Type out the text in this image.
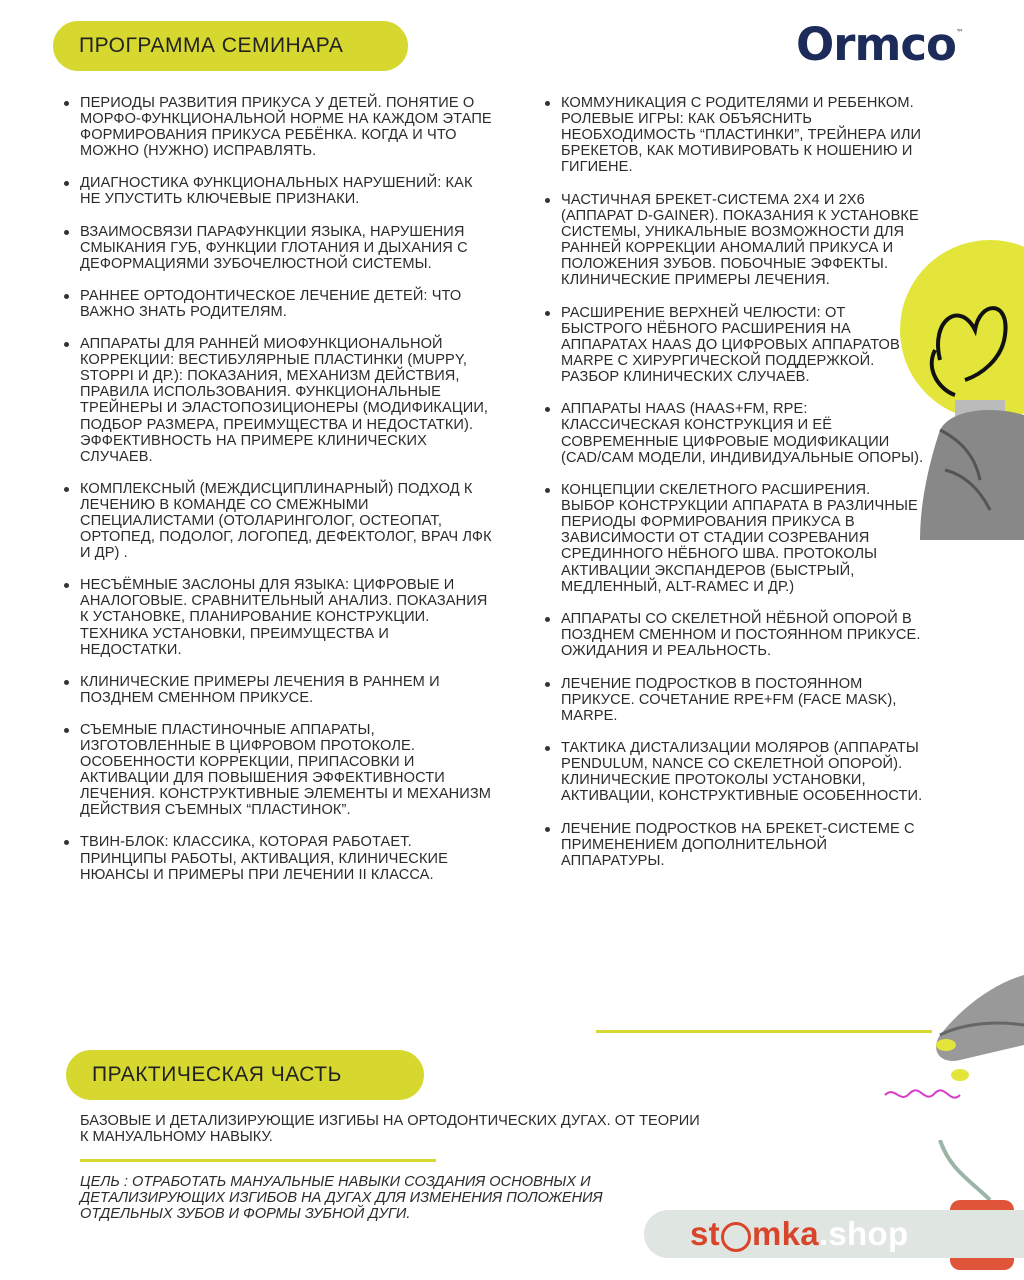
ПРОГРАММА СЕМИНАРА	Ormco™
ПЕРИОДЫ РАЗВИТИЯ ПРИКУСА У ДЕТЕЙ. ПОНЯТИЕ О МОРФО-ФУНКЦИОНАЛЬНОЙ НОРМЕ НА КАЖДОМ ЭТАПЕ ФОРМИРОВАНИЯ ПРИКУСА РЕБЁНКА. КОГДА И ЧТО МОЖНО (НУЖНО) ИСПРАВЛЯТЬ.
ДИАГНОСТИКА ФУНКЦИОНАЛЬНЫХ НАРУШЕНИЙ: КАК НЕ УПУСТИТЬ КЛЮЧЕВЫЕ ПРИЗНАКИ.
ВЗАИМОСВЯЗИ ПАРАФУНКЦИИ ЯЗЫКА, НАРУШЕНИЯ СМЫКАНИЯ ГУБ, ФУНКЦИИ ГЛОТАНИЯ И ДЫХАНИЯ С ДЕФОРМАЦИЯМИ ЗУБОЧЕЛЮСТНОЙ СИСТЕМЫ.
РАННЕЕ ОРТОДОНТИЧЕСКОЕ ЛЕЧЕНИЕ ДЕТЕЙ: ЧТО ВАЖНО ЗНАТЬ РОДИТЕЛЯМ.
АППАРАТЫ ДЛЯ РАННЕЙ МИОФУНКЦИОНАЛЬНОЙ КОРРЕКЦИИ: ВЕСТИБУЛЯРНЫЕ ПЛАСТИНКИ (MUPPY, STOPPI И ДР.): ПОКАЗАНИЯ, МЕХАНИЗМ ДЕЙСТВИЯ, ПРАВИЛА ИСПОЛЬЗОВАНИЯ. ФУНКЦИОНАЛЬНЫЕ ТРЕЙНЕРЫ И ЭЛАСТОПОЗИЦИОНЕРЫ (МОДИФИКАЦИИ, ПОДБОР РАЗМЕРА, ПРЕИМУЩЕСТВА И НЕДОСТАТКИ). ЭФФЕКТИВНОСТЬ НА ПРИМЕРЕ КЛИНИЧЕСКИХ СЛУЧАЕВ.
КОМПЛЕКСНЫЙ (МЕЖДИСЦИПЛИНАРНЫЙ) ПОДХОД К ЛЕЧЕНИЮ В КОМАНДЕ СО СМЕЖНЫМИ СПЕЦИАЛИСТАМИ (ОТОЛАРИНГОЛОГ, ОСТЕОПАТ, ОРТОПЕД, ПОДОЛОГ, ЛОГОПЕД, ДЕФЕКТОЛОГ, ВРАЧ ЛФК И ДР) .
НЕСЪЁМНЫЕ ЗАСЛОНЫ ДЛЯ ЯЗЫКА: ЦИФРОВЫЕ И АНАЛОГОВЫЕ. СРАВНИТЕЛЬНЫЙ АНАЛИЗ. ПОКАЗАНИЯ К УСТАНОВКЕ, ПЛАНИРОВАНИЕ КОНСТРУКЦИИ. ТЕХНИКА УСТАНОВКИ, ПРЕИМУЩЕСТВА И НЕДОСТАТКИ.
КЛИНИЧЕСКИЕ ПРИМЕРЫ ЛЕЧЕНИЯ В РАННЕМ И ПОЗДНЕМ СМЕННОМ ПРИКУСЕ.
СЪЕМНЫЕ ПЛАСТИНОЧНЫЕ АППАРАТЫ, ИЗГОТОВЛЕННЫЕ В ЦИФРОВОМ ПРОТОКОЛЕ. ОСОБЕННОСТИ КОРРЕКЦИИ, ПРИПАСОВКИ И АКТИВАЦИИ ДЛЯ ПОВЫШЕНИЯ ЭФФЕКТИВНОСТИ ЛЕЧЕНИЯ. КОНСТРУКТИВНЫЕ ЭЛЕМЕНТЫ И МЕХАНИЗМ ДЕЙСТВИЯ СЪЕМНЫХ “ПЛАСТИНОК”.
ТВИН-БЛОК: КЛАССИКА, КОТОРАЯ РАБОТАЕТ. ПРИНЦИПЫ РАБОТЫ, АКТИВАЦИЯ, КЛИНИЧЕСКИЕ НЮАНСЫ И ПРИМЕРЫ ПРИ ЛЕЧЕНИИ II КЛАССА.
КОММУНИКАЦИЯ С РОДИТЕЛЯМИ И РЕБЕНКОМ. РОЛЕВЫЕ ИГРЫ: КАК ОБЪЯСНИТЬ НЕОБХОДИМОСТЬ “ПЛАСТИНКИ”, ТРЕЙНЕРА ИЛИ БРЕКЕТОВ, КАК МОТИВИРОВАТЬ К НОШЕНИЮ И ГИГИЕНЕ.
ЧАСТИЧНАЯ БРЕКЕТ-СИСТЕМА 2Х4 И 2Х6 (АППАРАТ D-GAINER). ПОКАЗАНИЯ К УСТАНОВКЕ СИСТЕМЫ, УНИКАЛЬНЫЕ ВОЗМОЖНОСТИ ДЛЯ РАННЕЙ КОРРЕКЦИИ АНОМАЛИЙ ПРИКУСА И ПОЛОЖЕНИЯ ЗУБОВ. ПОБОЧНЫЕ ЭФФЕКТЫ. КЛИНИЧЕСКИЕ ПРИМЕРЫ ЛЕЧЕНИЯ.
РАСШИРЕНИЕ ВЕРХНЕЙ ЧЕЛЮСТИ: ОТ БЫСТРОГО НЁБНОГО РАСШИРЕНИЯ НА АППАРАТАХ HAAS ДО ЦИФРОВЫХ АППАРАТОВ MARPE С ХИРУРГИЧЕСКОЙ ПОДДЕРЖКОЙ. РАЗБОР КЛИНИЧЕСКИХ СЛУЧАЕВ.
АППАРАТЫ HAAS (HAAS+FM, RPE: КЛАССИЧЕСКАЯ КОНСТРУКЦИЯ И ЕЁ СОВРЕМЕННЫЕ ЦИФРОВЫЕ МОДИФИКАЦИИ (CAD/CAM МОДЕЛИ, ИНДИВИДУАЛЬНЫЕ ОПОРЫ).
КОНЦЕПЦИИ СКЕЛЕТНОГО РАСШИРЕНИЯ. ВЫБОР КОНСТРУКЦИИ АППАРАТА В РАЗЛИЧНЫЕ ПЕРИОДЫ ФОРМИРОВАНИЯ ПРИКУСА В ЗАВИСИМОСТИ ОТ СТАДИИ СОЗРЕВАНИЯ СРЕДИННОГО НЁБНОГО ШВА. ПРОТОКОЛЫ АКТИВАЦИИ ЭКСПАНДЕРОВ (БЫСТРЫЙ, МЕДЛЕННЫЙ, ALT-RAMEC И ДР.)
АППАРАТЫ СО СКЕЛЕТНОЙ НЁБНОЙ ОПОРОЙ В ПОЗДНЕМ СМЕННОМ И ПОСТОЯННОМ ПРИКУСЕ. ОЖИДАНИЯ И РЕАЛЬНОСТЬ.
ЛЕЧЕНИЕ ПОДРОСТКОВ В ПОСТОЯННОМ ПРИКУСЕ. СОЧЕТАНИЕ RPE+FM (FACE MASK), MARPE.
ТАКТИКА ДИСТАЛИЗАЦИИ МОЛЯРОВ (АППАРАТЫ PENDULUM, NANCE СО СКЕЛЕТНОЙ ОПОРОЙ). КЛИНИЧЕСКИЕ ПРОТОКОЛЫ УСТАНОВКИ, АКТИВАЦИИ, КОНСТРУКТИВНЫЕ ОСОБЕННОСТИ.
ЛЕЧЕНИЕ ПОДРОСТКОВ НА БРЕКЕТ-СИСТЕМЕ С ПРИМЕНЕНИЕМ ДОПОЛНИТЕЛЬНОЙ АППАРАТУРЫ.
ПРАКТИЧЕСКАЯ ЧАСТЬ
БАЗОВЫЕ И ДЕТАЛИЗИРУЮЩИЕ ИЗГИБЫ НА ОРТОДОНТИЧЕСКИХ ДУГАХ. ОТ ТЕОРИИ К МАНУАЛЬНОМУ НАВЫКУ.
ЦЕЛЬ : ОТРАБОТАТЬ МАНУАЛЬНЫЕ НАВЫКИ СОЗДАНИЯ ОСНОВНЫХ И ДЕТАЛИЗИРУЮЩИХ ИЗГИБОВ НА ДУГАХ ДЛЯ ИЗМЕНЕНИЯ ПОЛОЖЕНИЯ ОТДЕЛЬНЫХ ЗУБОВ И ФОРМЫ ЗУБНОЙ ДУГИ.
st mka .shop
